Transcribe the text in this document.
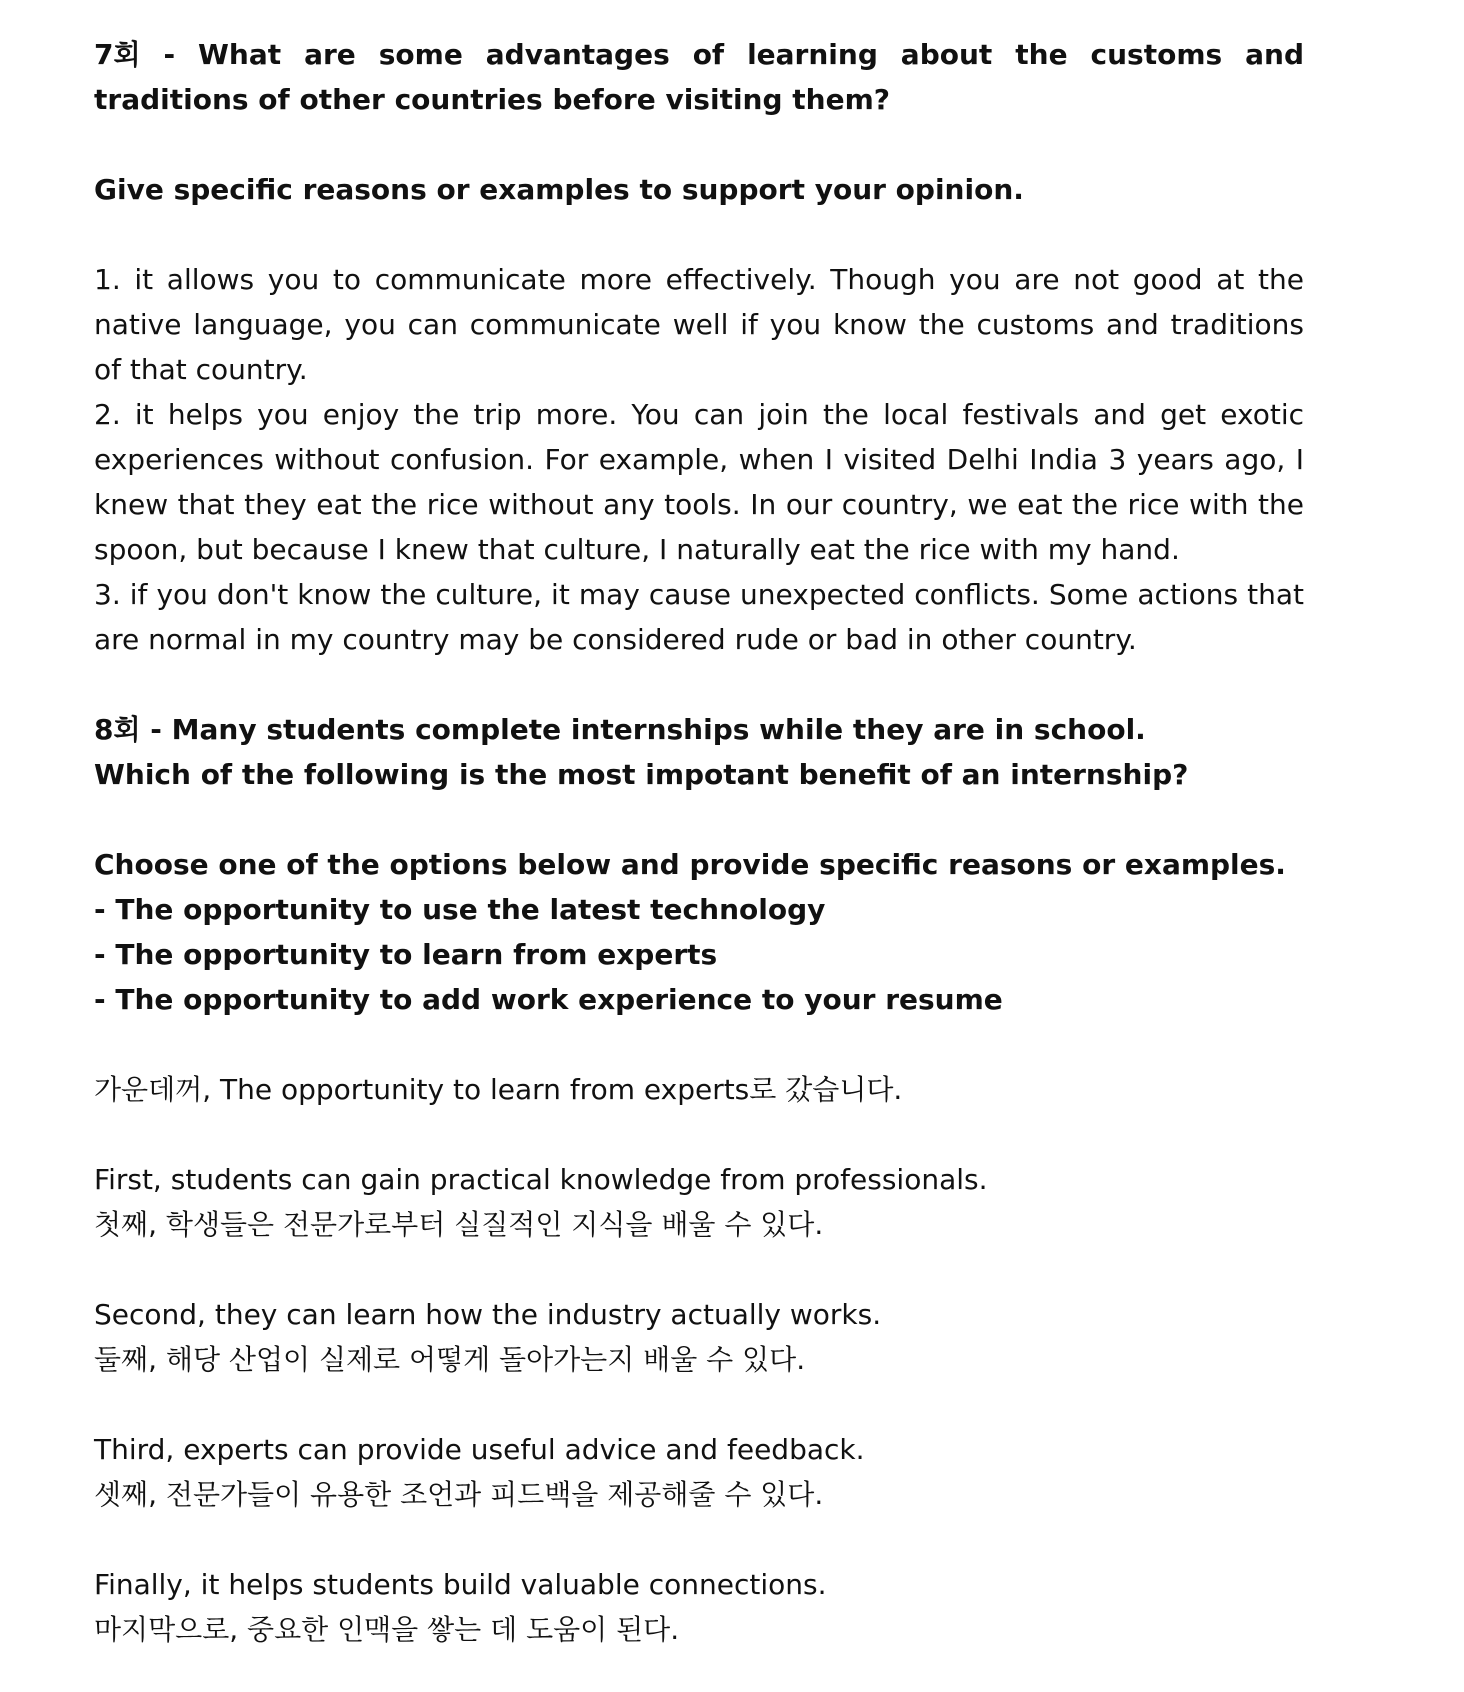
7회 - What are some advantages of learning about the customs and traditions of other countries before visiting them?

Give specific reasons or examples to support your opinion.

1. it allows you to communicate more effectively. Though you are not good at the native language, you can communicate well if you know the customs and traditions of that country.

2. it helps you enjoy the trip more. You can join the local festivals and get exotic experiences without confusion. For example, when I visited Delhi India 3 years ago, I knew that they eat the rice without any tools. In our country, we eat the rice with the spoon, but because I knew that culture, I naturally eat the rice with my hand.

3. if you don't know the culture, it may cause unexpected conflicts. Some actions that are normal in my country may be considered rude or bad in other country.

8회 - Many students complete internships while they are in school.

Which of the following is the most impotant benefit of an internship?

Choose one of the options below and provide specific reasons or examples.

- The opportunity to use the latest technology

- The opportunity to learn from experts

- The opportunity to add work experience to your resume

가운데꺼, The opportunity to learn from experts로 갔습니다.

First, students can gain practical knowledge from professionals.

첫째, 학생들은 전문가로부터 실질적인 지식을 배울 수 있다.

Second, they can learn how the industry actually works.

둘째, 해당 산업이 실제로 어떻게 돌아가는지 배울 수 있다.

Third, experts can provide useful advice and feedback.

셋째, 전문가들이 유용한 조언과 피드백을 제공해줄 수 있다.

Finally, it helps students build valuable connections.

마지막으로, 중요한 인맥을 쌓는 데 도움이 된다.
